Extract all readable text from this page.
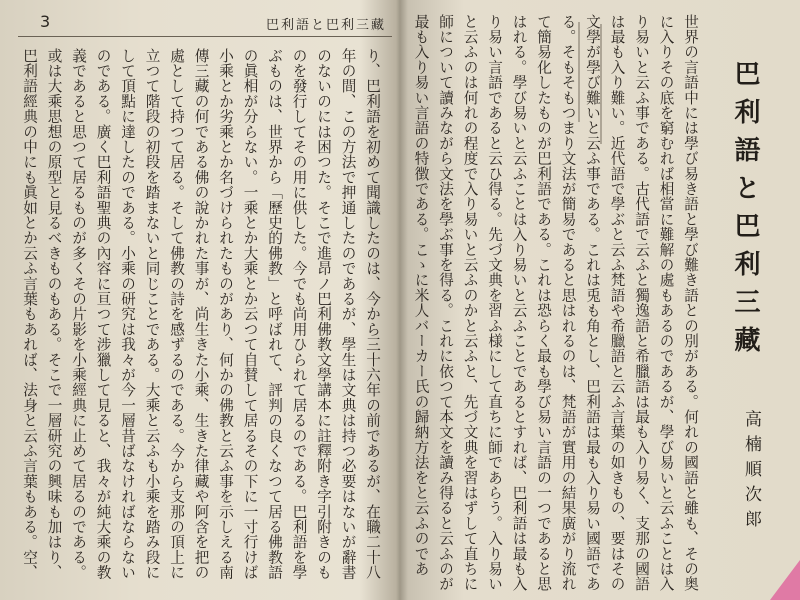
3	巴利語と巴利三藏
り、巴利語を初めて聞識したのは、今から三十六年の前であるが、在職二十八年の間、この方法で押通したのであるが、學生は文典は持つ必要はないが辭書のないのには困つた。そこで進昂ノ巴利佛教文學講本に註釋附き字引附きのものを發行してその用に供した。今でも尚用ひられて居るのである。巴利語を學ぶものは、世界から「歷史的佛教」と呼ばれて、評判の良くなつて居る佛教語の眞相が分らない。一乘とか大乘とか云つて自賛して居るその下に一寸行けば小乘とか劣乘とか名づけられたものがあり、何かの佛教と云ふ事を示しえる南傳三藏の何である佛の說かれた事が、尚生きた小乘、生きた律藏や阿含を把の處として持つて居る。そして佛教の詩を感ずるのである。今から支那の頂上に立つて階段の初段を踏まないと同じことである。大乘と云ふも小乘を踏み段にして頂點に達したのである。小乘の研究は我々が今一層昔ばなければならないのである。廣く巴利語聖典の內容に亘つて涉獵して見ると、我々が純大乘の教義であると思つて居るものが多くその片影を小乘經典に止めて居るのである。或は大乘思想の原型と見るべきものもある。そこで一層研究の興味も加はり、巴利語經典の中にも眞如とか云ふ言葉もあれば、法身と云ふ言葉もある。空、
世界の言語中には學び易き語と學び難き語との別がある。何れの國語と雖も、その奥に入りその底を窮むれば相當に難解の處もあるのであるが、學び易いと云ふことは入り易いと云ふ事である。古代語で云ふと獨逸語と希臘語は最も入り易く、支那の國語は最も入り難い。近代語で學ぶと云ふ梵語や希臘語と云ふ言葉の如きもの、要はその文學が學び難いと云ふ事である。これは兎も角とし、巴利語は最も入り易い國語である。そもそもつまり文法が簡易であると思はれるのは、梵語が實用の結果廣がり流れて簡易化したものが巴利語である。これは恐らく最も學び易い言語の一つであると思はれる。學び易いと云ふことは入り易いと云ふことであるとすれば、巴利語は最も入り易い言語であると云ひ得る。先づ文典を習ふ様にして直ちに師であらう。入り易いと云ふのは何れの程度で入り易いと云ふのかと云ふと、先づ文典を習はずして直ちに師について讀みながら文法を學ぶ事を得る。これに依つて本文を讀み得ると云ふのが最も入り易い言語の特徴である。こゝに米人バーカー氏の歸納方法をと云ふのであ
巴利語と巴利三藏
高楠順次郞
